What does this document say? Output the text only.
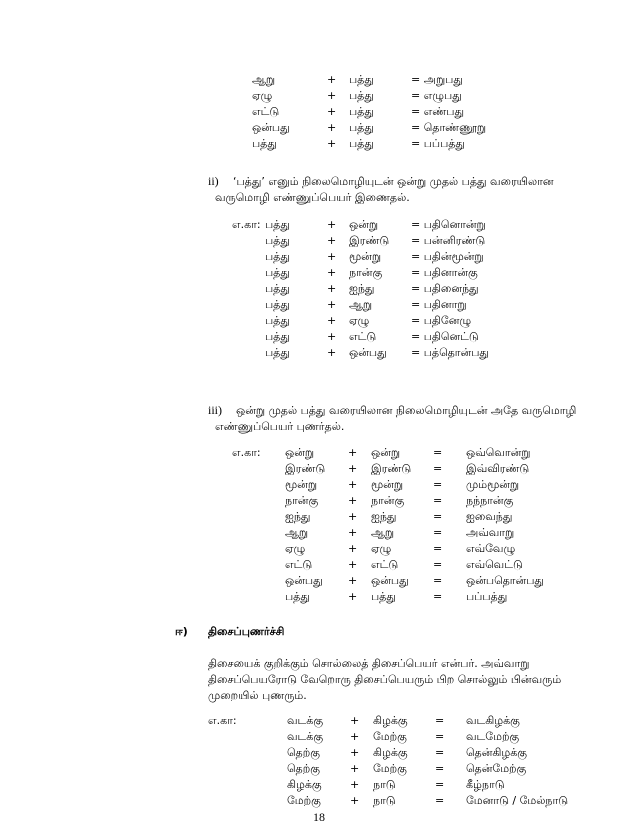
ஆறு	+ பத்து	= அறுபது
ஏழு	+ பத்து	= எழுபது
எட்டு	+ பத்து	= எண்பது
ஒன்பது	+ பத்து	= தொண்ணூறு
பத்து	+ பத்து	= பப்பத்து
ii) ‘பத்து’ எனும் நிலைமொழியுடன் ஒன்று முதல் பத்து வரையிலான
வருமொழி எண்ணுப்பெயர் இணைதல்.
எ.கா: பத்து	+ ஒன்று	= பதினொன்று
பத்து	+ இரண்டு = பன்னிரண்டு
பத்து	+ மூன்று	= பதின்மூன்று
பத்து	+ நான்கு	= பதினான்கு
பத்து	+ ஐந்து	= பதினைந்து
பத்து	+ ஆறு	= பதினாறு
பத்து	+ ஏழு	= பதினேழு
பத்து	+ எட்டு	= பதினெட்டு
பத்து	+ ஒன்பது = பத்தொன்பது
iii) ஒன்று முதல் பத்து வரையிலான நிலைமொழியுடன் அதே வருமொழி
எண்ணுப்பெயர் புணர்தல்.
எ.கா: ஒன்று	+ ஒன்று	= ஒவ்வொன்று
இரண்டு + இரண்டு = இவ்விரண்டு
மூன்று	+ மூன்று	= மும்மூன்று
நான்கு	+ நான்கு	= நந்நான்கு
ஐந்து	+ ஐந்து	= ஐவைந்து
ஆறு	+ ஆறு	= அவ்வாறு
ஏழு	+ ஏழு	= எவ்வேழு
எட்டு	+ எட்டு	= எவ்வெட்டு
ஒன்பது + ஒன்பது = ஒன்பதொன்பது
பத்து	+ பத்து	= பப்பத்து
ஈ) திசைப்புணர்ச்சி
திசையைக் குறிக்கும் சொல்லைத் திசைப்பெயர் என்பர். அவ்வாறு
திசைப்பெயரோடு வேறொரு திசைப்பெயரும் பிற சொல்லும் பின்வரும்
முறையில் புணரும்.
எ.கா:	வடக்கு + கிழக்கு = வடகிழக்கு
வடக்கு + மேற்கு	= வடமேற்கு
தெற்கு	+ கிழக்கு = தென்கிழக்கு
தெற்கு	+ மேற்கு	= தென்மேற்கு
கிழக்கு	+ நாடு	= கீழ்நாடு
மேற்கு	+ நாடு	= மேனாடு / மேல்நாடு
18
